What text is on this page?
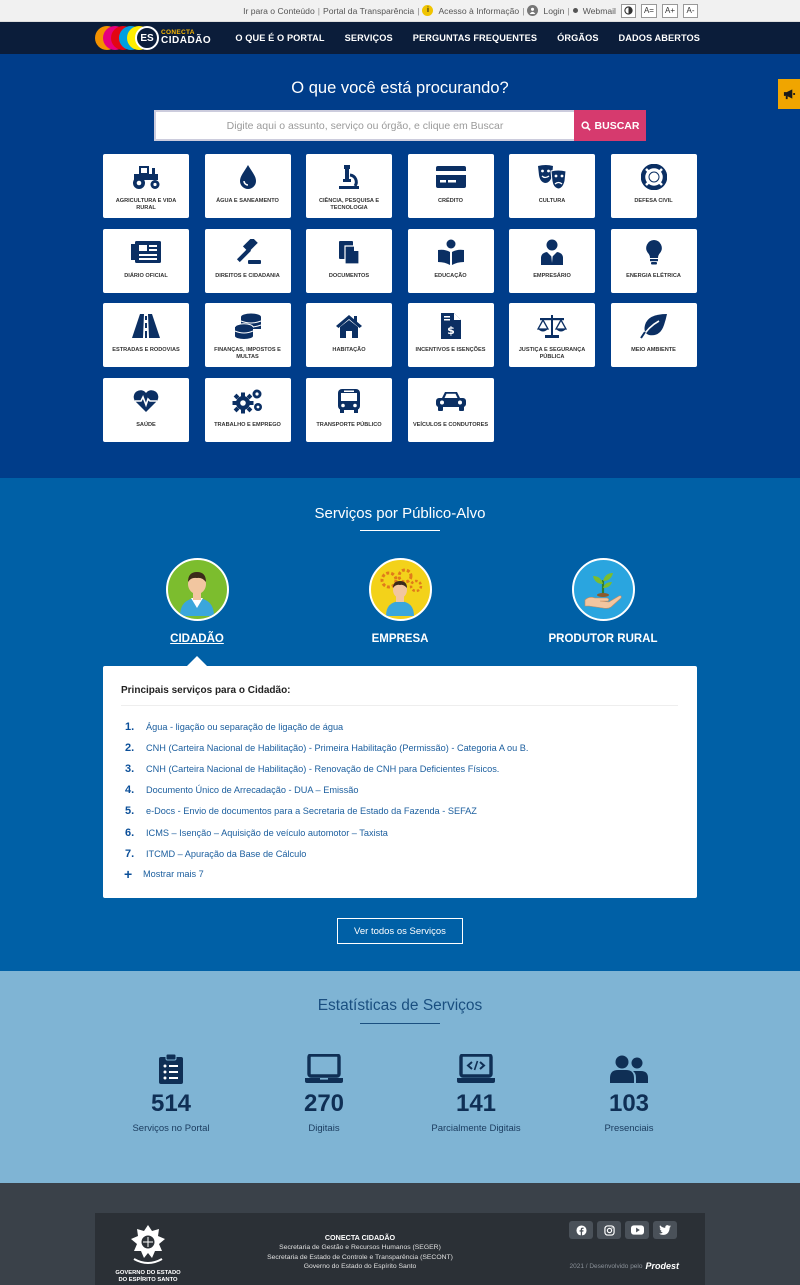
Ir para o Conteúdo | Portal da Transparência |	i	Acesso à Informação | Login | Webmail	A=	A+	A-
ES
CONECTA
CIDADÃO	O QUE É O PORTAL SERVIÇOS PERGUNTAS FREQUENTES ÓRGÃOS DADOS ABERTOS
O que você está procurando?
Digite aqui o assunto, serviço ou órgão, e clique em Buscar
BUSCAR
AGRICULTURA E VIDA RURAL
ÁGUA E SANEAMENTO	CIÊNCIA, PESQUISA E TECNOLOGIA
CRÉDITO	CULTURA	DEFESA CIVIL
DIÁRIO OFICIAL	DIREITOS E CIDADANIA	DOCUMENTOS	EDUCAÇÃO	EMPRESÁRIO	ENERGIA ELÉTRICA
ESTRADAS E RODOVIAS	FINANÇAS, IMPOSTOS E MULTAS
HABITAÇÃO
$
INCENTIVOS E ISENÇÕES	JUSTIÇA E SEGURANÇA PÚBLICA
MEIO AMBIENTE
SAÚDE	TRABALHO E EMPREGO	TRANSPORTE PÚBLICO	VEÍCULOS E CONDUTORES
Serviços por Público-Alvo
CIDADÃO	EMPRESA	PRODUTOR RURAL
Principais serviços para o Cidadão:
1.	Água - ligação ou separação de ligação de água
2.	CNH (Carteira Nacional de Habilitação) - Primeira Habilitação (Permissão) - Categoria A ou B.
3.	CNH (Carteira Nacional de Habilitação) - Renovação de CNH para Deficientes Físicos.
4.	Documento Único de Arrecadação - DUA – Emissão
5.	e-Docs - Envio de documentos para a Secretaria de Estado da Fazenda - SEFAZ
6.	ICMS – Isenção – Aquisição de veículo automotor – Taxista
7.	ITCMD – Apuração da Base de Cálculo
+	Mostrar mais 7
Ver todos os Serviços
Estatísticas de Serviços
514
Serviços no Portal
270
Digitais
141
Parcialmente Digitais
103
Presenciais
GOVERNO DO ESTADO
DO ESPÍRITO SANTO
CONECTA CIDADÃO
Secretaria de Gestão e Recursos Humanos (SEGER)
Secretaria de Estado de Controle e Transparência (SECONT)
Governo do Estado do Espírito Santo	2021 / Desenvolvido pelo Prodest
